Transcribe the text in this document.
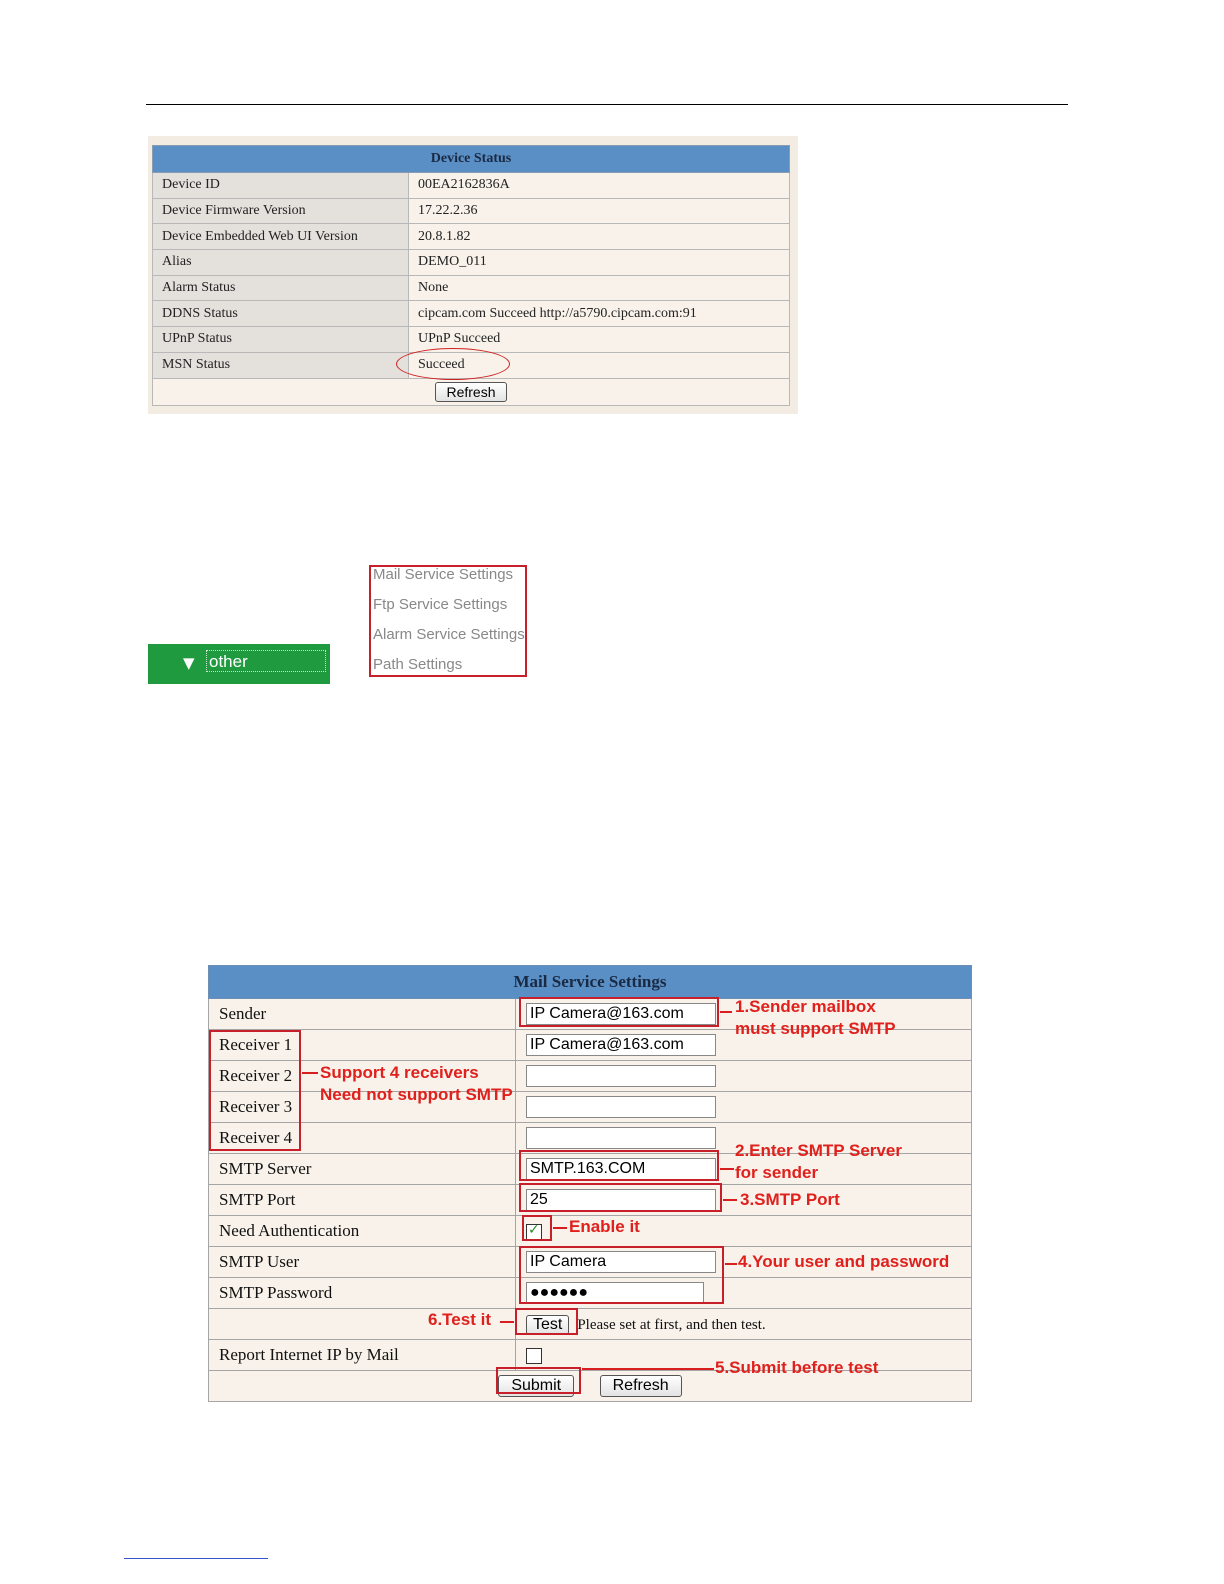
Device Status	
Device ID	00EA2162836A
Device Firmware Version	17.22.2.36
Device Embedded Web UI Version	20.8.1.82
Alias	DEMO_011
Alarm Status	None
DDNS Status	cipcam.com Succeed http://a5790.cipcam.com:91
UPnP Status	UPnP Succeed
MSN Status	Succeed
Refresh	
▼ other
Mail Service Settings
Ftp Service Settings
Alarm Service Settings
Path Settings
Mail Service Settings	
Sender	IP Camera@163.com
Receiver 1	IP Camera@163.com
Receiver 2	
Receiver 3	
Receiver 4	
SMTP Server	SMTP.163.COM
SMTP Port	25
Need Authentication	✓
SMTP User	IP Camera
SMTP Password	●●●●●●
	Test Please set at first, and then test.
Report Internet IP by Mail	
Submit Refresh	
1.Sender mailbox
must support SMTP
Support 4 receivers
Need not support SMTP
2.Enter SMTP Server
for sender
3.SMTP Port
Enable it
4.Your user and password
6.Test it
5.Submit before test
